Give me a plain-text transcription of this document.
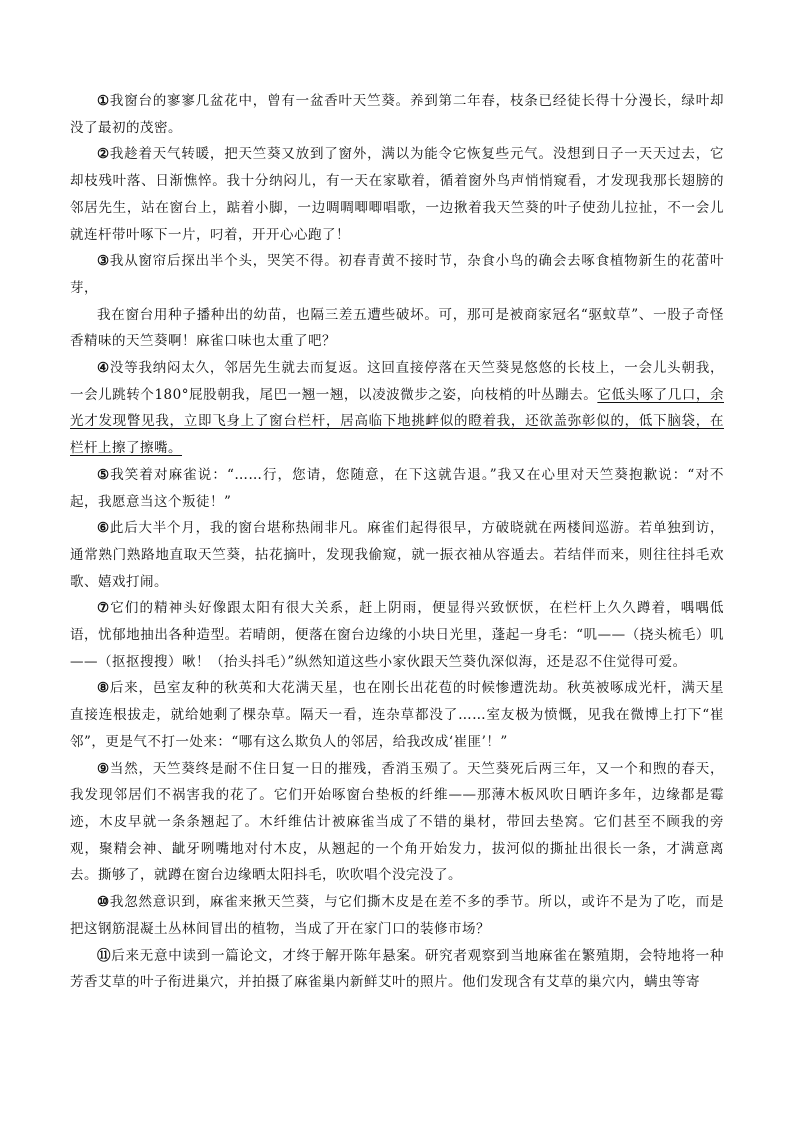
①我窗台的寥寥几盆花中，曾有一盆香叶天竺葵。养到第二年春，枝条已经徒长得十分漫长，绿叶却没了最初的茂密。

②我趁着天气转暖，把天竺葵又放到了窗外，满以为能令它恢复些元气。没想到日子一天天过去，它却枝残叶落、日渐憔悴。我十分纳闷儿，有一天在家歇着，循着窗外鸟声悄悄窥看，才发现我那长翅膀的邻居先生，站在窗台上，踮着小脚，一边啁啁唧唧唱歌，一边揪着我天竺葵的叶子使劲儿拉扯，不一会儿就连杆带叶啄下一片，叼着，开开心心跑了！

③我从窗帘后探出半个头，哭笑不得。初春青黄不接时节，杂食小鸟的确会去啄食植物新生的花蕾叶芽，

我在窗台用种子播种出的幼苗，也隔三差五遭些破坏。可，那可是被商家冠名“驱蚊草”、一股子奇怪香精味的天竺葵啊！麻雀口味也太重了吧？

④没等我纳闷太久，邻居先生就去而复返。这回直接停落在天竺葵晃悠悠的长枝上，一会儿头朝我，一会儿跳转个180°屁股朝我，尾巴一翘一翘，以凌波微步之姿，向枝梢的叶丛蹦去。它低头啄了几口，余光才发现瞥见我，立即飞身上了窗台栏杆，居高临下地挑衅似的瞪着我，还欲盖弥彰似的，低下脑袋，在栏杆上擦了擦嘴。

⑤我笑着对麻雀说：“……行，您请，您随意，在下这就告退。”我又在心里对天竺葵抱歉说：“对不起，我愿意当这个叛徒！”

⑥此后大半个月，我的窗台堪称热闹非凡。麻雀们起得很早，方破晓就在两楼间巡游。若单独到访，通常熟门熟路地直取天竺葵，拈花摘叶，发现我偷窥，就一振衣袖从容遁去。若结伴而来，则往往抖毛欢歌、嬉戏打闹。

⑦它们的精神头好像跟太阳有很大关系，赶上阴雨，便显得兴致恹恹，在栏杆上久久蹲着，喁喁低语，忧郁地抽出各种造型。若晴朗，便落在窗台边缘的小块日光里，蓬起一身毛：“叽——（挠头梳毛）叽——（抠抠搜搜）啾！（抬头抖毛）”纵然知道这些小家伙跟天竺葵仇深似海，还是忍不住觉得可爱。

⑧后来，邑室友种的秋英和大花满天星，也在刚长出花苞的时候惨遭洗劫。秋英被啄成光杆，满天星直接连根拔走，就给她剩了棵杂草。隔天一看，连杂草都没了……室友极为愤慨，见我在微博上打下“崔邻”，更是气不打一处来：“哪有这么欺负人的邻居，给我改成‘崔匪’！”

⑨当然，天竺葵终是耐不住日复一日的摧残，香消玉殒了。天竺葵死后两三年，又一个和煦的春天，我发现邻居们不祸害我的花了。它们开始啄窗台垫板的纤维——那薄木板风吹日晒许多年，边缘都是霉迹，木皮早就一条条翘起了。木纤维估计被麻雀当成了不错的巢材，带回去垫窝。它们甚至不顾我的旁观，聚精会神、龇牙咧嘴地对付木皮，从翘起的一个角开始发力，拔河似的撕扯出很长一条，才满意离去。撕够了，就蹲在窗台边缘晒太阳抖毛，吹吹唱个没完没了。

⑩我忽然意识到，麻雀来揪天竺葵，与它们撕木皮是在差不多的季节。所以，或许不是为了吃，而是把这钢筋混凝土丛林间冒出的植物，当成了开在家门口的装修市场？

⑪后来无意中读到一篇论文，才终于解开陈年悬案。研究者观察到当地麻雀在繁殖期，会特地将一种芳香艾草的叶子衔进巢穴，并拍摄了麻雀巢内新鲜艾叶的照片。他们发现含有艾草的巢穴内，螨虫等寄
